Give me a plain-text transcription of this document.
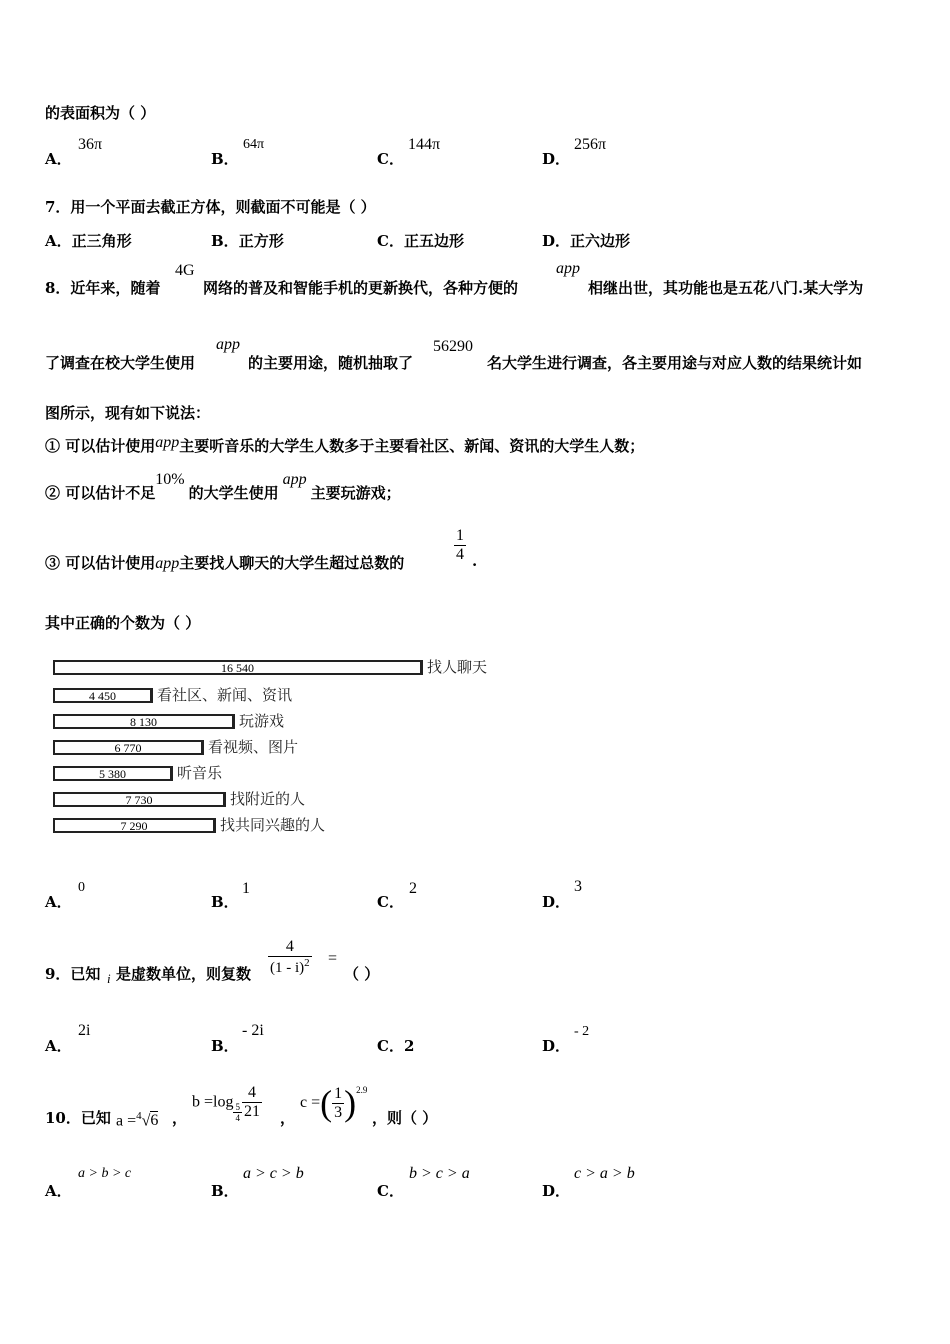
的表面积为（ ）
A．
36π
B．
64π
C．
144π
D．
256π
7．用一个平面去截正方体，则截面不可能是（ ）
A．正三角形	B．正方形	C．正五边形	D．正六边形
8．近年来，随着
4G
网络的普及和智能手机的更新换代，各种方便的
app
相继出世，其功能也是五花八门.某大学为
了调查在校大学生使用
app
的主要用途，随机抽取了
56290
名大学生进行调查，各主要用途与对应人数的结果统计如
图所示，现有如下说法：
① 可以估计使用app主要听音乐的大学生人数多于主要看社区、新闻、资讯的大学生人数；
② 可以估计不足10%的大学生使用app主要玩游戏；
③ 可以估计使用app主要找人聊天的大学生超过总数的	$\frac{1}{4}$ .
其中正确的个数为（ ）
16 540	找人聊天
4 450	看社区、新闻、资讯
8 130	玩游戏
6 770	看视频、图片
5 380	听音乐
7 730	找附近的人
7 290	找共同兴趣的人
A．
0
B．
1
C．
2
D．
3
9．已知 i 是虚数单位，则复数 $\frac{4}{(1 - i)^2}$ =
（ ）
A．
2i
B．
- 2i
C．2	D．
- 2
10．已知 a =$^4$√6 ，
$b =\log \frac{5}{4} \frac{4}{21}$ ，
c =( $\frac{1}{3} )^{2.9}$
，则（ ）
A．
a > b > c
B．
a > c > b
C．
b > c > a
D．
c > a > b
